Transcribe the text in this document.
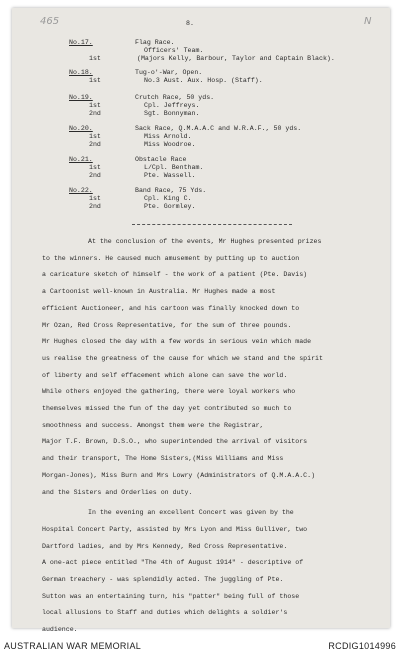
465	N
8.
No.17.	Flag Race.
Officers' Team.
1st	(Majors Kelly, Barbour, Taylor and Captain Black).
No.18.	Tug-o'-War, Open.
1st	No.3 Aust. Aux. Hosp. (Staff).
No.19.	Crutch Race, 50 yds.
1st	Cpl. Jeffreys.
2nd	Sgt. Bonnyman.
No.20.	Sack Race, Q.M.A.A.C and W.R.A.F., 50 yds.
1st	Miss Arnold.
2nd	Miss Woodroe.
No.21.	Obstacle Race
1st	L/Cpl. Bentham.
2nd	Pte. Wassell.
No.22.	Band Race, 75 Yds.
1st	Cpl. King C.
2nd	Pte. Gormley.
At the conclusion of the events, Mr Hughes presented prizes
to the winners. He caused much amusement by putting up to auction
a caricature sketch of himself - the work of a patient (Pte. Davis)
a Cartoonist well-known in Australia. Mr Hughes made a most
efficient Auctioneer, and his cartoon was finally knocked down to
Mr Ozan, Red Cross Representative, for the sum of three pounds.
Mr Hughes closed the day with a few words in serious vein which made
us realise the greatness of the cause for which we stand and the spirit
of liberty and self effacement which alone can save the world.
While others enjoyed the gathering, there were loyal workers who
themselves missed the fun of the day yet contributed so much to
smoothness and success. Amongst them were the Registrar,
Major T.F. Brown, D.S.O., who superintended the arrival of visitors
and their transport, The Home Sisters,(Miss Williams and Miss
Morgan-Jones), Miss Burn and Mrs Lowry (Administrators of Q.M.A.A.C.)
and the Sisters and Orderlies on duty.
In the evening an excellent Concert was given by the
Hospital Concert Party, assisted by Mrs Lyon and Miss Gulliver, two
Dartford ladies, and by Mrs Kennedy, Red Cross Representative.
A one-act piece entitled "The 4th of August 1914" - descriptive of
German treachery - was splendidly acted. The juggling of Pte.
Sutton was an entertaining turn, his "patter" being full of those
local allusions to Staff and duties which delights a soldier's
audience.
AUSTRALIAN WAR MEMORIAL	RCDIG1014996
